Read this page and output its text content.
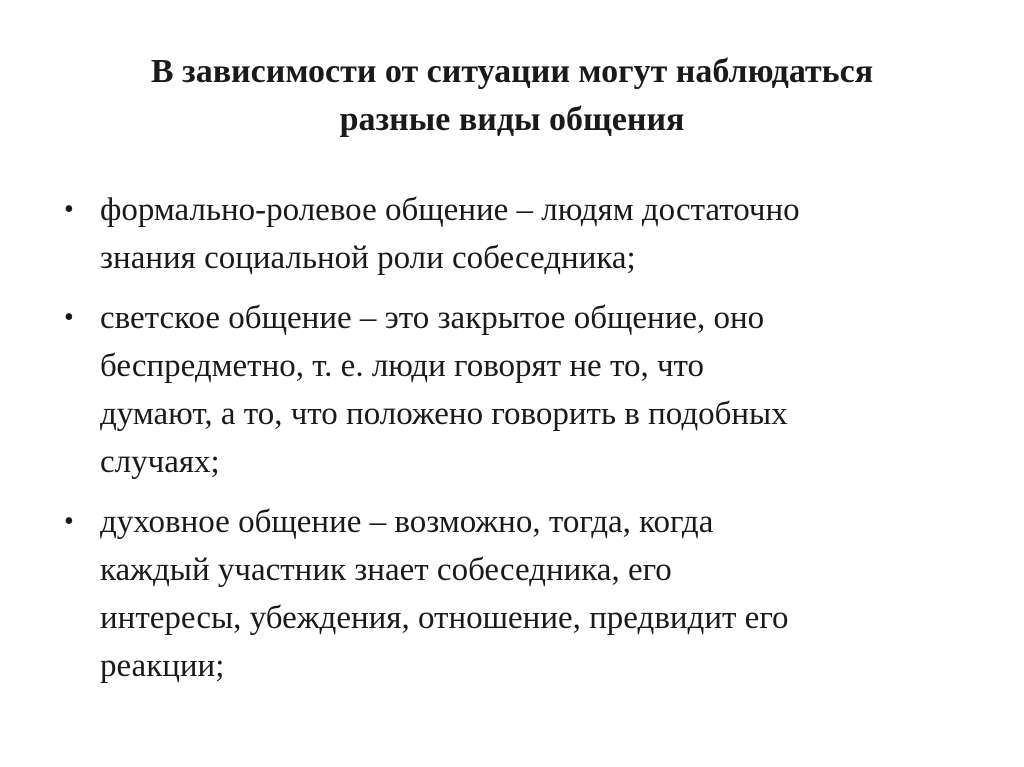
В зависимости от ситуации могут наблюдаться
разные виды общения
• формально-ролевое общение – людям достаточно
знания социальной роли собеседника;
• светское общение – это закрытое общение, оно
беспредметно, т. е. люди говорят не то, что
думают, а то, что положено говорить в подобных
случаях;
• духовное общение – возможно, тогда, когда
каждый участник знает собеседника, его
интересы, убеждения, отношение, предвидит его
реакции;
